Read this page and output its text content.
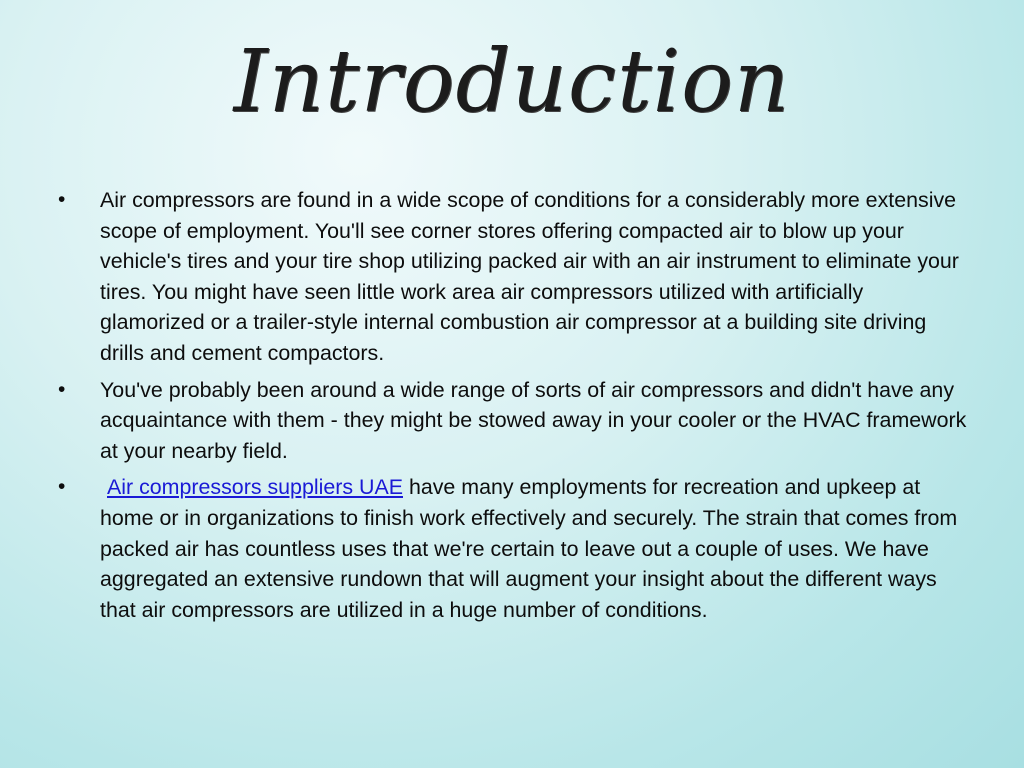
Introduction
•	Air compressors are found in a wide scope of conditions for a considerably more extensive scope of employment. You'll see corner stores offering compacted air to blow up your vehicle's tires and your tire shop utilizing packed air with an air instrument to eliminate your tires. You might have seen little work area air compressors utilized with artificially glamorized or a trailer-style internal combustion air compressor at a building site driving drills and cement compactors.
•	You've probably been around a wide range of sorts of air compressors and didn't have any acquaintance with them - they might be stowed away in your cooler or the HVAC framework at your nearby field.
•	Air compressors suppliers UAE have many employments for recreation and upkeep at home or in organizations to finish work effectively and securely. The strain that comes from packed air has countless uses that we're certain to leave out a couple of uses. We have aggregated an extensive rundown that will augment your insight about the different ways that air compressors are utilized in a huge number of conditions.
